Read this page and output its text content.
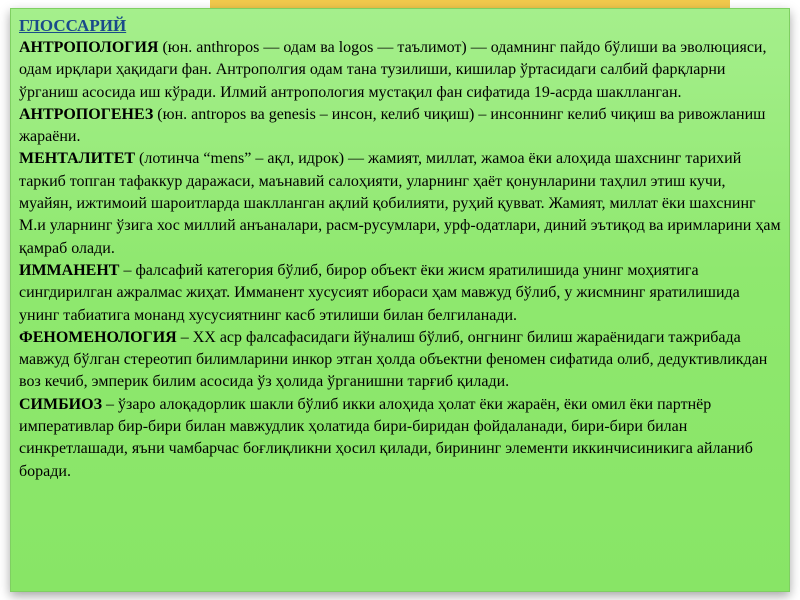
ГЛОССАРИЙ

АНТРОПОЛОГИЯ (юн. anthropos — одам ва logos — таълимот) — одамнинг пайдо бўлиши ва эволюцияси, одам ирқлари ҳақидаги фан. Антрополгия одам тана тузилиши, кишилар ўртасидаги салбий фарқларни ўрганиш асосида иш кўради. Илмий антропология мустақил фан сифатида 19-асрда шаклланган.

АНТРОПОГЕНЕЗ (юн. antropos ва genesis – инсон, келиб чиқиш) – инсоннинг келиб чиқиш ва ривожланиш жараёни.

МЕНТАЛИТЕТ (лотинча “mens” – ақл, идрок) — жамият, миллат, жамоа ёки алоҳида шахснинг тарихий таркиб топган тафаккур даражаси, маънавий салоҳияти, уларнинг ҳаёт қонунларини таҳлил этиш кучи, муайян, ижтимоий шароитларда шаклланган ақлий қобилияти, руҳий қувват. Жамият, миллат ёки шахснинг М.и уларнинг ўзига хос миллий анъаналари, расм-русумлари, урф-одатлари, диний эътиқод ва иримларини ҳам қамраб олади.

ИММАНЕНТ – фалсафий категория бўлиб, бирор объект ёки жисм яратилишида унинг моҳиятига сингдирилган ажралмас жиҳат. Имманент хусусият ибораси ҳам мавжуд бўлиб, у жисмнинг яратилишида унинг табиатига монанд хусусиятнинг касб этилиши билан белгиланади.

ФЕНОМЕНОЛОГИЯ – XX аср фалсафасидаги йўналиш бўлиб, онгнинг билиш жараёнидаги тажрибада мавжуд бўлган стереотип билимларини инкор этган ҳолда объектни феномен сифатида олиб, дедуктивликдан воз кечиб, эмперик билим асосида ўз ҳолида ўрганишни тарғиб қилади.

СИМБИОЗ – ўзаро алоқадорлик шакли бўлиб икки алоҳида ҳолат ёки жараён, ёки омил ёки партнёр императивлар бир-бири билан мавжудлик ҳолатида бири-биридан фойдаланади, бири-бири билан синкретлашади, яъни чамбарчас боғлиқликни ҳосил қилади, бирининг элементи иккинчисиникига айланиб боради.
